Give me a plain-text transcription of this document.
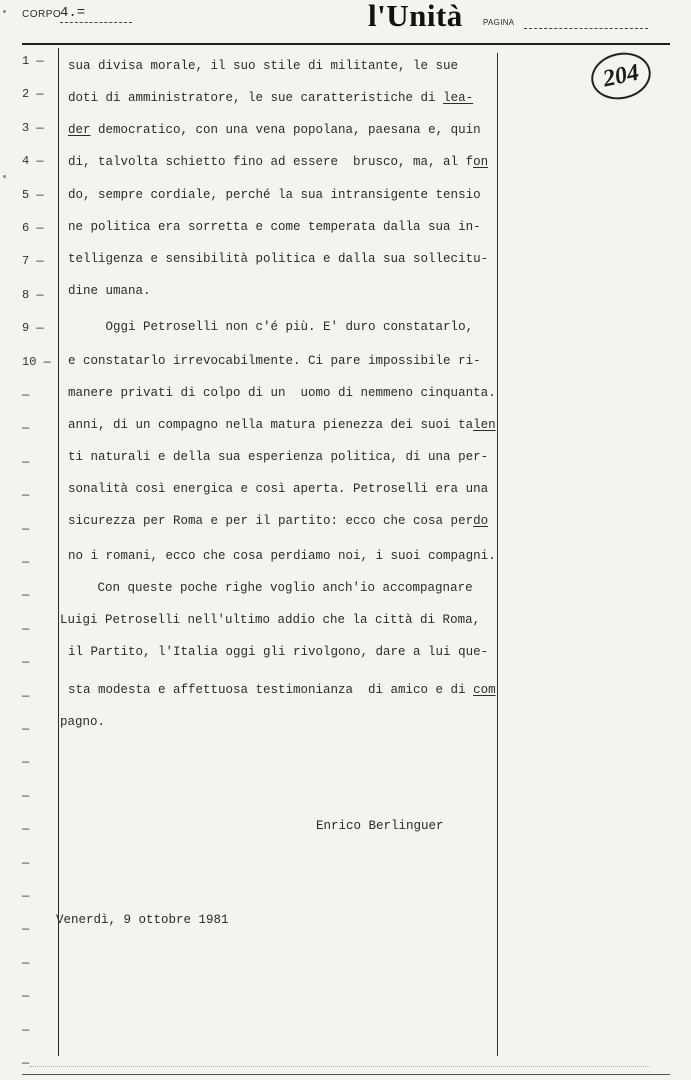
CORPO
4.=	l'Unità	PAGINA
204
1 —
2 —
3 —
4 —
5 —
6 —
7 —
8 —
9 —
10 —
—
—
—
—
—
—
—
—
—
—
—
—
—
—
—
—
—
—
—
—
—
sua divisa morale, il suo stile di militante, le sue
doti di amministratore, le sue caratteristiche di lea-
der democratico, con una vena popolana, paesana e, quin
di, talvolta schietto fino ad essere  brusco, ma, al fon
do, sempre cordiale, perché la sua intransigente tensio
ne politica era sorretta e come temperata dalla sua in-
telligenza e sensibilità politica e dalla sua sollecitu-
dine umana.
Oggi Petroselli non c'é più. E' duro constatarlo,
e constatarlo irrevocabilmente. Ci pare impossibile ri-
manere privati di colpo di un  uomo di nemmeno cinquanta.
anni, di un compagno nella matura pienezza dei suoi talen
ti naturali e della sua esperienza politica, di una per-
sonalità così energica e così aperta. Petroselli era una
sicurezza per Roma e per il partito: ecco che cosa perdo
no i romani, ecco che cosa perdiamo noi, i suoi compagni.
Con queste poche righe voglio anch'io accompagnare
Luigi Petroselli nell'ultimo addio che la città di Roma,
il Partito, l'Italia oggi gli rivolgono, dare a lui que-
sta modesta e affettuosa testimonianza  di amico e di com
pagno.
Enrico Berlinguer
Venerdì, 9 ottobre 1981
